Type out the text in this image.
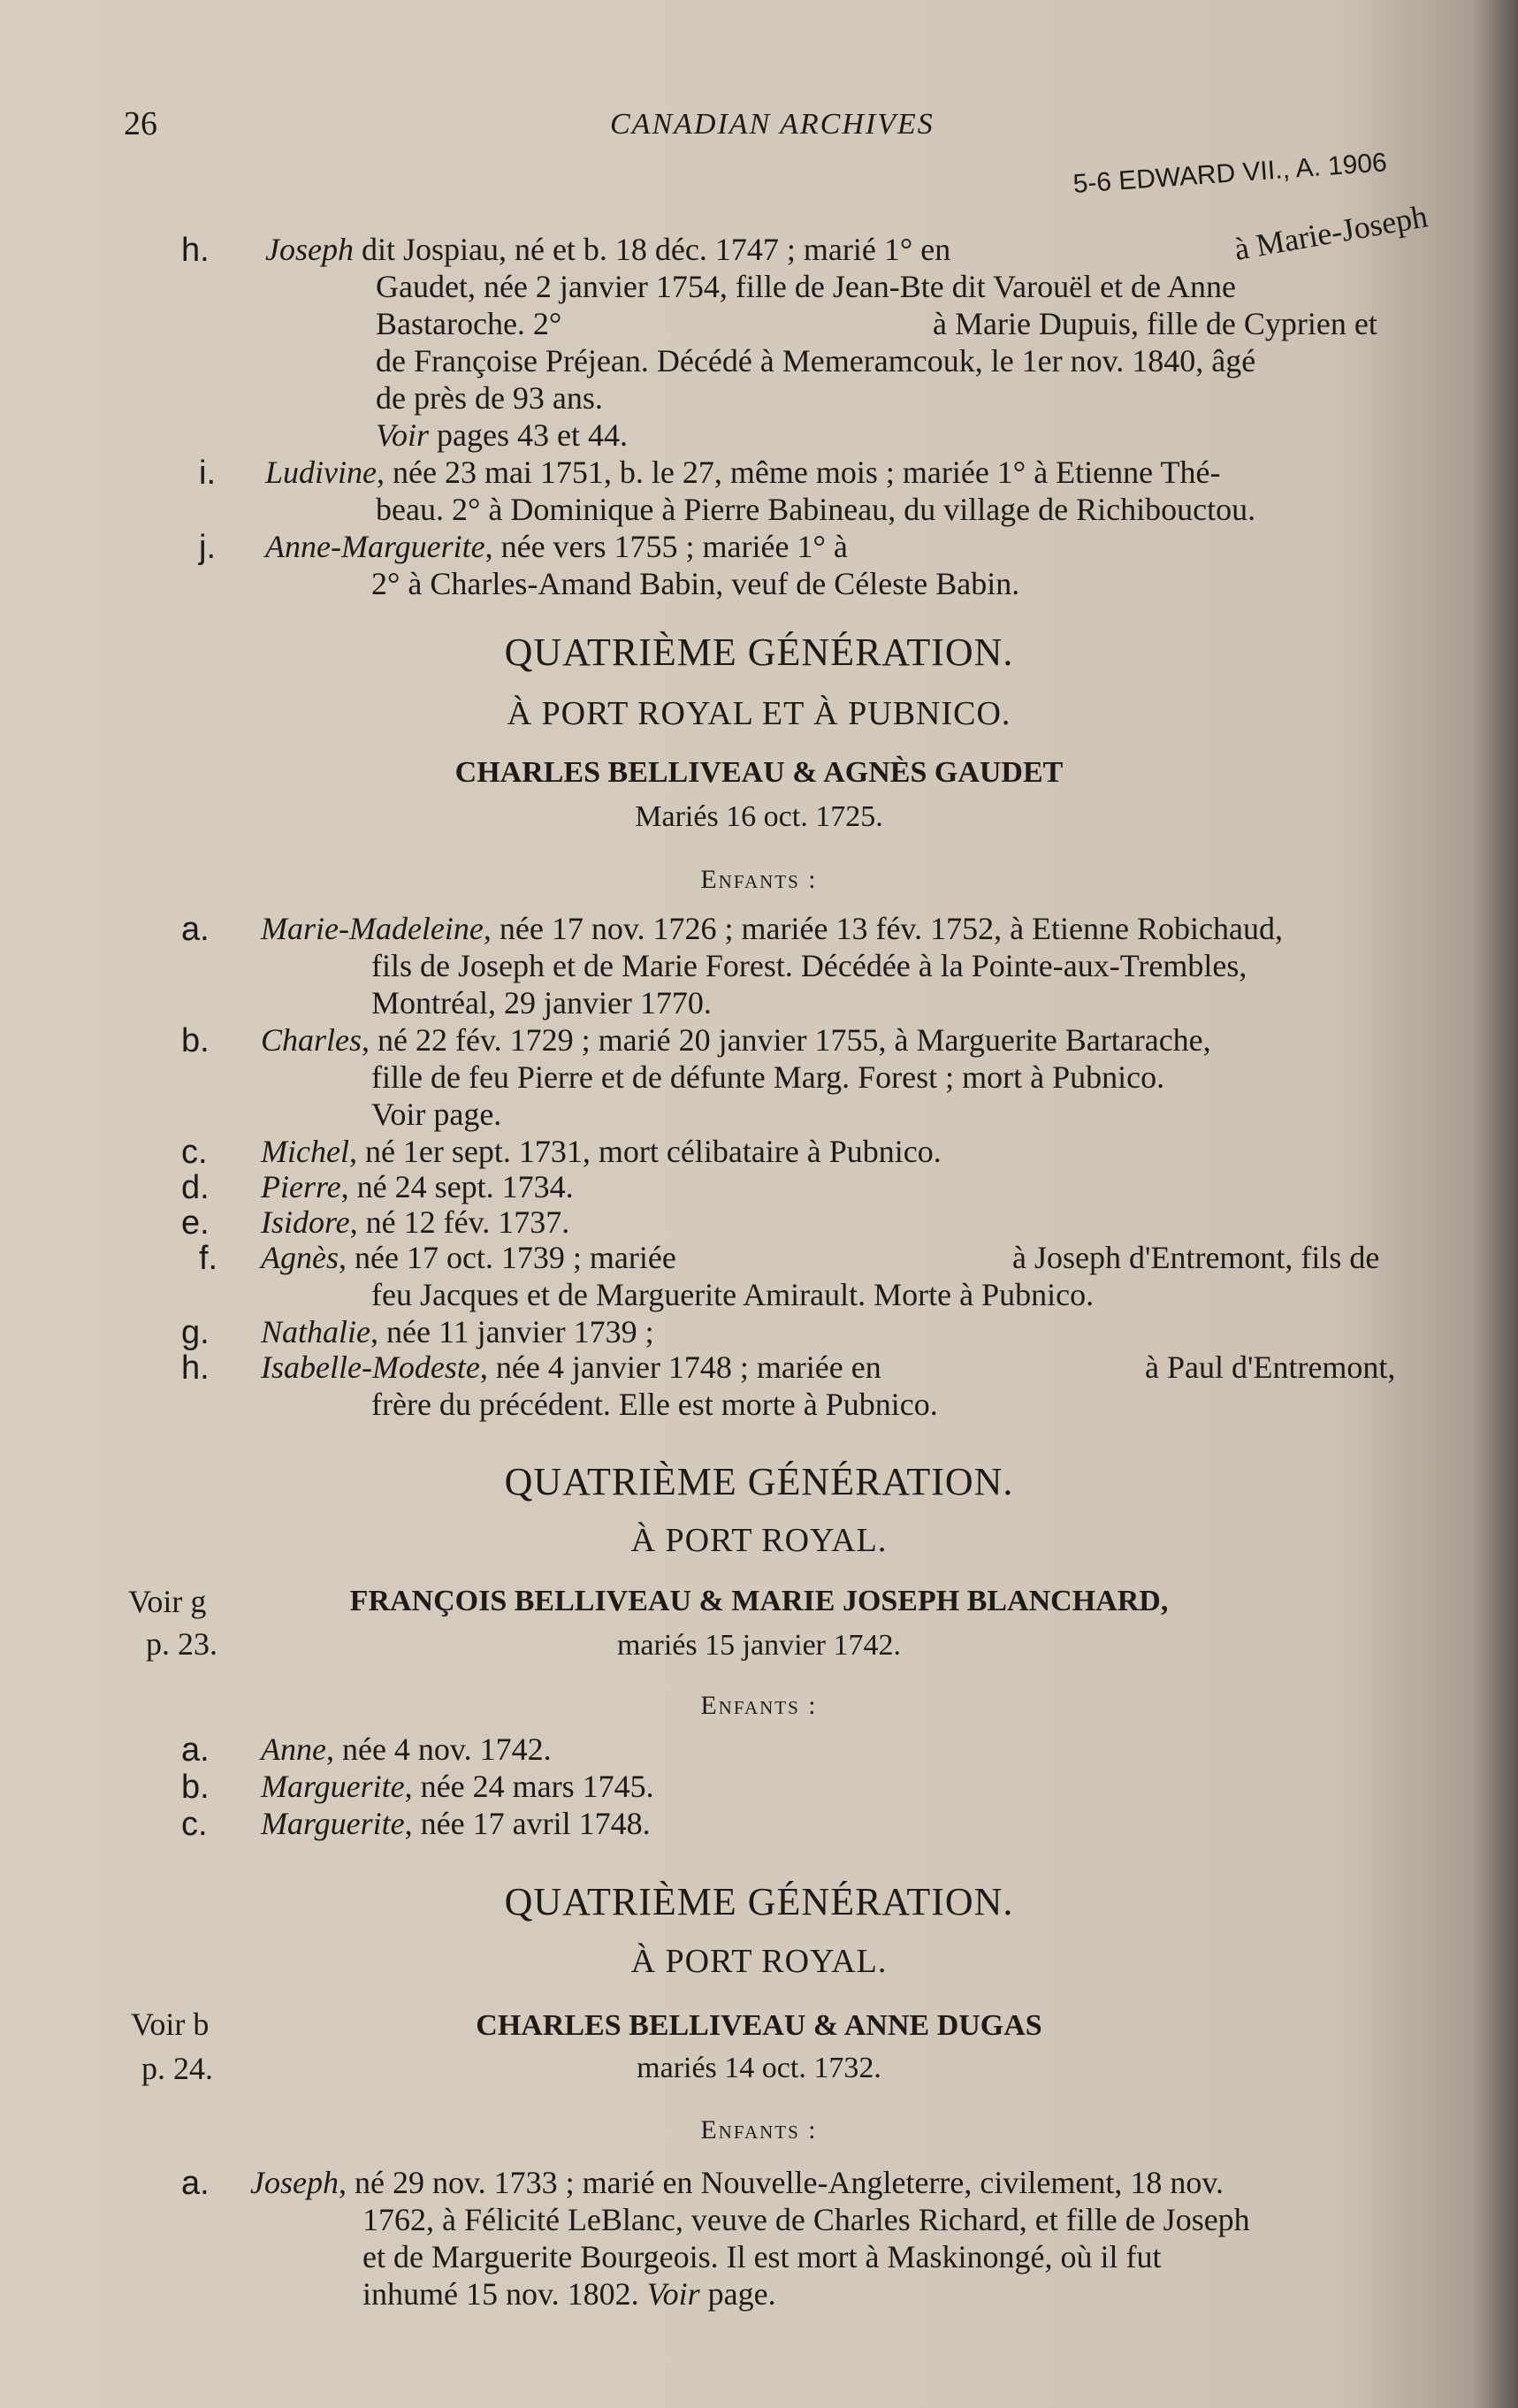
26	CANADIAN ARCHIVES
5-6 EDWARD VII., A. 1906
h. Joseph dit Jospiau, né et b. 18 déc. 1747 ; marié 1° en	à Marie-Joseph
Gaudet, née 2 janvier 1754, fille de Jean-Bte dit Varouël et de Anne
Bastaroche. 2°	à Marie Dupuis, fille de Cyprien et
de Françoise Préjean. Décédé à Memeramcouk, le 1er nov. 1840, âgé
de près de 93 ans.
Voir pages 43 et 44.
i. Ludivine, née 23 mai 1751, b. le 27, même mois ; mariée 1° à Etienne Thé-
beau. 2° à Dominique à Pierre Babineau, du village de Richibouctou.
j. Anne-Marguerite, née vers 1755 ; mariée 1° à
2° à Charles-Amand Babin, veuf de Céleste Babin.
QUATRIÈME GÉNÉRATION.
À PORT ROYAL ET À PUBNICO.
CHARLES BELLIVEAU & AGNÈS GAUDET
Mariés 16 oct. 1725.
Enfants :
a. Marie-Madeleine, née 17 nov. 1726 ; mariée 13 fév. 1752, à Etienne Robichaud,
fils de Joseph et de Marie Forest. Décédée à la Pointe-aux-Trembles,
Montréal, 29 janvier 1770.
b. Charles, né 22 fév. 1729 ; marié 20 janvier 1755, à Marguerite Bartarache,
fille de feu Pierre et de défunte Marg. Forest ; mort à Pubnico.
Voir page.
c. Michel, né 1er sept. 1731, mort célibataire à Pubnico.
d. Pierre, né 24 sept. 1734.
e. Isidore, né 12 fév. 1737.
f. Agnès, née 17 oct. 1739 ; mariée	à Joseph d'Entremont, fils de
feu Jacques et de Marguerite Amirault. Morte à Pubnico.
g. Nathalie, née 11 janvier 1739 ;
h. Isabelle-Modeste, née 4 janvier 1748 ; mariée en	à Paul d'Entremont,
frère du précédent. Elle est morte à Pubnico.
QUATRIÈME GÉNÉRATION.
À PORT ROYAL.
Voir g
p. 23.
FRANÇOIS BELLIVEAU & MARIE JOSEPH BLANCHARD,
mariés 15 janvier 1742.
Enfants :
a. Anne, née 4 nov. 1742.
b. Marguerite, née 24 mars 1745.
c. Marguerite, née 17 avril 1748.
QUATRIÈME GÉNÉRATION.
À PORT ROYAL.
Voir b
p. 24.
CHARLES BELLIVEAU & ANNE DUGAS
mariés 14 oct. 1732.
Enfants :
a. Joseph, né 29 nov. 1733 ; marié en Nouvelle-Angleterre, civilement, 18 nov.
1762, à Félicité LeBlanc, veuve de Charles Richard, et fille de Joseph
et de Marguerite Bourgeois. Il est mort à Maskinongé, où il fut
inhumé 15 nov. 1802. Voir page.
